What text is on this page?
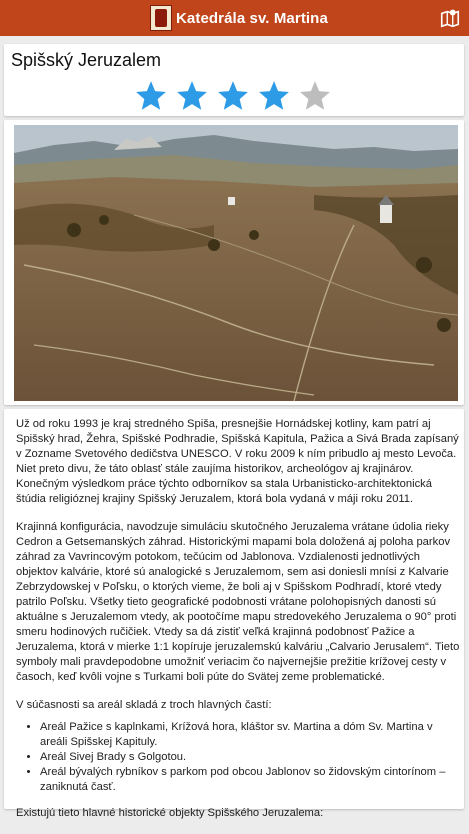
Katedrála sv. Martina
Spišský Jeruzalem

Už od roku 1993 je kraj stredného Spiša, presnejšie Hornádskej kotliny, kam patrí aj Spišský hrad, Žehra, Spišské Podhradie, Spišská Kapitula, Pažica a Sivá Brada zapísaný v Zozname Svetového dedičstva UNESCO. V roku 2009 k ním pribudlo aj mesto Levoča. Niet preto divu, že táto oblasť stále zaujíma historikov, archeológov aj krajinárov. Konečným výsledkom práce týchto odborníkov sa stala Urbanisticko-architektonická štúdia religióznej krajiny Spišský Jeruzalem, ktorá bola vydaná v máji roku 2011.

Krajinná konfigurácia, navodzuje simuláciu skutočného Jeruzalema vrátane údolia rieky Cedron a Getsemanských záhrad. Historickými mapami bola doložená aj poloha parkov záhrad za Vavrincovým potokom, tečúcim od Jablonova. Vzdialenosti jednotlivých objektov kalvárie, ktoré sú analogické s Jeruzalemom, sem asi doniesli mnísi z Kalvarie Zebrzydowskej v Poľsku, o ktorých vieme, že boli aj v Spišskom Podhradí, ktoré vtedy patrilo Poľsku. Všetky tieto geografické podobnosti vrátane polohopisných danosti sú aktuálne s Jeruzalemom vtedy, ak pootočíme mapu stredovekého Jeruzalema o 90° proti smeru hodinových ručičiek. Vtedy sa dá zistiť veľká krajinná podobnosť Pažice a Jeruzalema, ktorá v mierke 1:1 kopíruje jeruzalemskú kalváriu „Calvario Jerusalem“. Tieto symboly mali pravdepodobne umožniť veriacim čo najvernejšie prežitie krížovej cesty v časoch, keď kvôli vojne s Turkami boli púte do Svätej zeme problematické.

V súčasnosti sa areál skladá z troch hlavných častí:

• Areál Pažice s kaplnkami, Krížová hora, kláštor sv. Martina a dóm Sv. Martina v areáli Spišskej Kapituly.
• Areál Sivej Brady s Golgotou.
• Areál bývalých rybníkov s parkom pod obcou Jablonov so židovským cintorínom – zaniknutá časť.

Existujú tieto hlavné historické objekty Spišského Jeruzalema:
